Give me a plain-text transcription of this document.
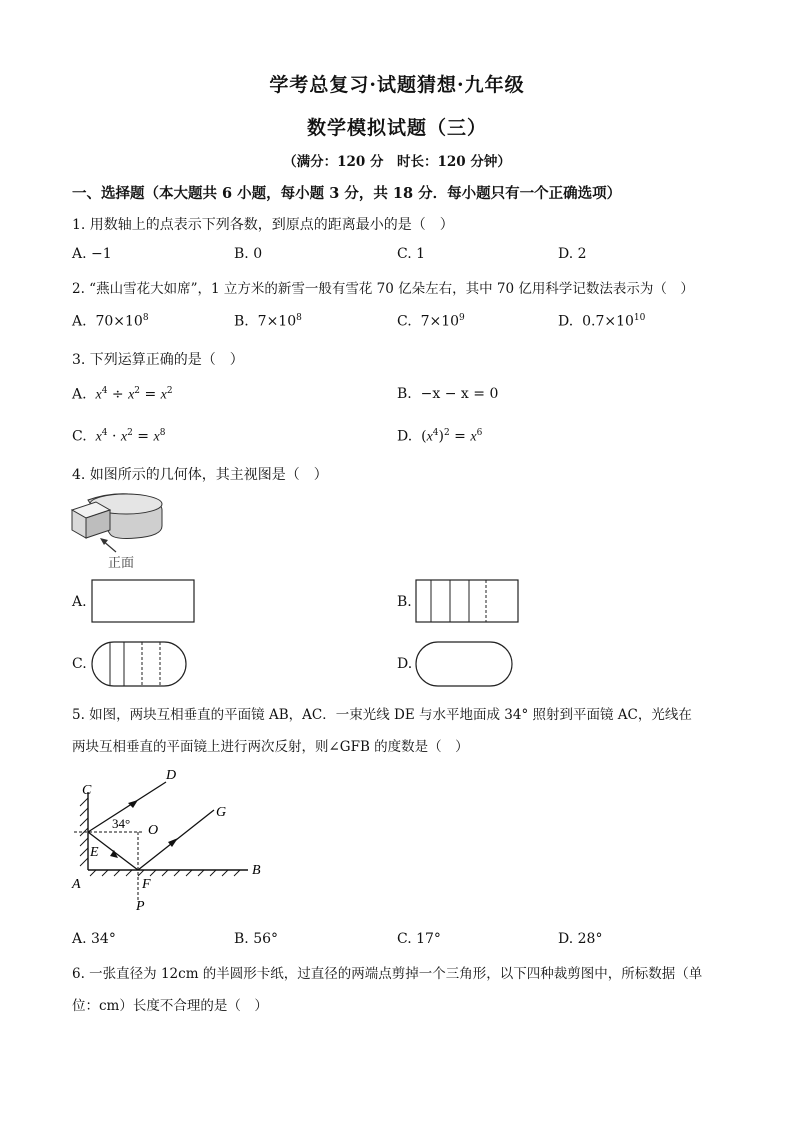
学考总复习·试题猜想·九年级
数学模拟试题（三）
（满分：120 分　时长：120 分钟）
一、选择题（本大题共 6 小题，每小题 3 分，共 18 分．每小题只有一个正确选项）
1. 用数轴上的点表示下列各数，到原点的距离最小的是（　）
A. −1	B. 0	C. 1	D. 2
2. “燕山雪花大如席”，1 立方米的新雪一般有雪花 70 亿朵左右，其中 70 亿用科学记数法表示为（　）
A. $70\times 10^8$	B. $7\times 10^8$	C. $7\times 10^9$	D. $0.7\times 10^{10}$
3. 下列运算正确的是（　）
A. $x^4 \div x^2 = x^2$	B. −x − x = 0
C. $x^4 \cdot x^2 = x^8$	D.  $(x^4)^2 = x^6$
4. 如图所示的几何体，其主视图是（　）
正面
A.	B.
C.	D.
5. 如图，两块互相垂直的平面镜 AB，AC．一束光线 DE 与水平地面成 34° 照射到平面镜 AC，光线在
两块互相垂直的平面镜上进行两次反射，则∠GFB 的度数是（　）
C
D
G
34° O
E
A	F
B
P
A. 34°	B. 56°	C. 17°	D. 28°
6. 一张直径为 12cm 的半圆形卡纸，过直径的两端点剪掉一个三角形，以下四种裁剪图中，所标数据（单
位：cm）长度不合理的是（　）
